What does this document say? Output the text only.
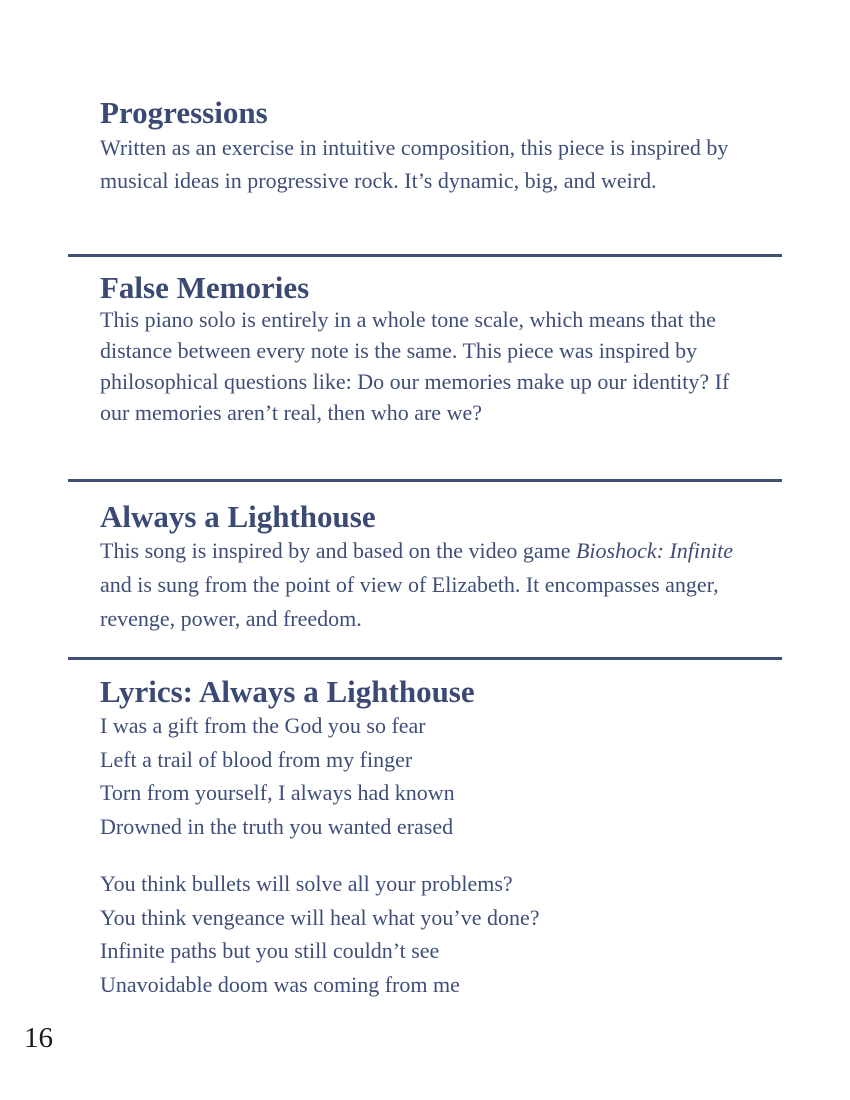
Progressions

Written as an exercise in intuitive composition, this piece is inspired by musical ideas in progressive rock. It’s dynamic, big, and weird.

False Memories

This piano solo is entirely in a whole tone scale, which means that the distance between every note is the same. This piece was inspired by philosophical questions like: Do our memories make up our identity? If our memories aren’t real, then who are we?

Always a Lighthouse

This song is inspired by and based on the video game Bioshock: Infinite and is sung from the point of view of Elizabeth. It encompasses anger, revenge, power, and freedom.

Lyrics: Always a Lighthouse
I was a gift from the God you so fear
Left a trail of blood from my finger
Torn from yourself, I always had known
Drowned in the truth you wanted erased
You think bullets will solve all your problems?
You think vengeance will heal what you’ve done?
Infinite paths but you still couldn’t see
Unavoidable doom was coming from me
16
